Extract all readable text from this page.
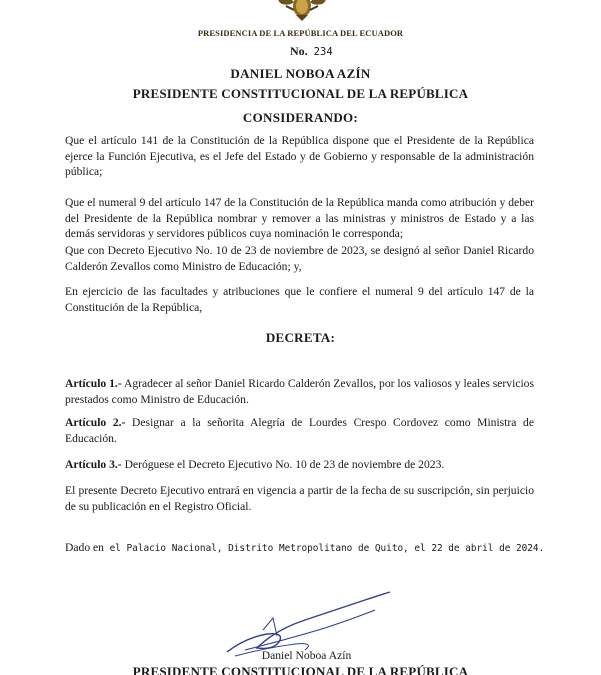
PRESIDENCIA DE LA REPÚBLICA DEL ECUADOR
No. 234
DANIEL NOBOA AZÍN
PRESIDENTE CONSTITUCIONAL DE LA REPÚBLICA
CONSIDERANDO:
Que el artículo 141 de la Constitución de la República dispone que el Presidente de la República ejerce la Función Ejecutiva, es el Jefe del Estado y de Gobierno y responsable de la administración pública;
Que el numeral 9 del artículo 147 de la Constitución de la República manda como atribución y deber del Presidente de la República nombrar y remover a las ministras y ministros de Estado y a las demás servidoras y servidores públicos cuya nominación le corresponda;
Que con Decreto Ejecutivo No. 10 de 23 de noviembre de 2023, se designó al señor Daniel Ricardo Calderón Zevallos como Ministro de Educación; y,
En ejercicio de las facultades y atribuciones que le confiere el numeral 9 del artículo 147 de la Constitución de la República,
DECRETA:
Artículo 1.- Agradecer al señor Daniel Ricardo Calderón Zevallos, por los valiosos y leales servicios prestados como Ministro de Educación.
Artículo 2.- Designar a la señorita Alegría de Lourdes Crespo Cordovez como Ministra de Educación.
Artículo 3.- Deróguese el Decreto Ejecutivo No. 10 de 23 de noviembre de 2023.
El presente Decreto Ejecutivo entrará en vigencia a partir de la fecha de su suscripción, sin perjuicio de su publicación en el Registro Oficial.
Dado en el Palacio Nacional, Distrito Metropolitano de Quito, el 22 de abril de 2024.
Daniel Noboa Azín
PRESIDENTE CONSTITUCIONAL DE LA REPÚBLICA
